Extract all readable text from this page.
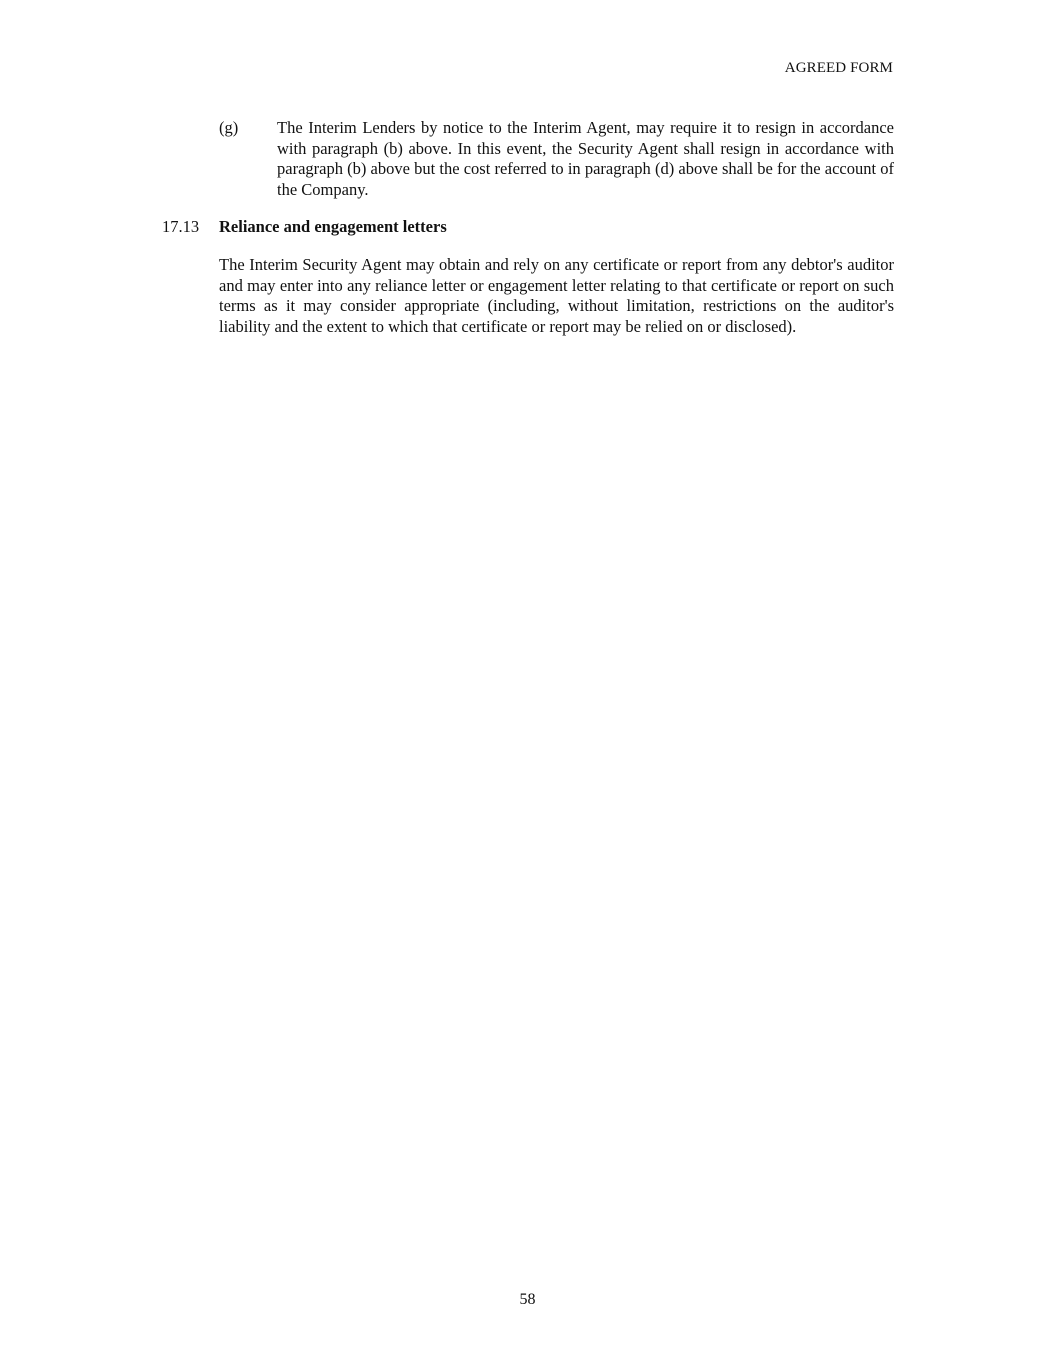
AGREED FORM
(g) The Interim Lenders by notice to the Interim Agent, may require it to resign in accordance with paragraph (b) above. In this event, the Security Agent shall resign in accordance with paragraph (b) above but the cost referred to in paragraph (d) above shall be for the account of the Company.
17.13 Reliance and engagement letters
The Interim Security Agent may obtain and rely on any certificate or report from any debtor's auditor and may enter into any reliance letter or engagement letter relating to that certificate or report on such terms as it may consider appropriate (including, without limitation, restrictions on the auditor's liability and the extent to which that certificate or report may be relied on or disclosed).
58
